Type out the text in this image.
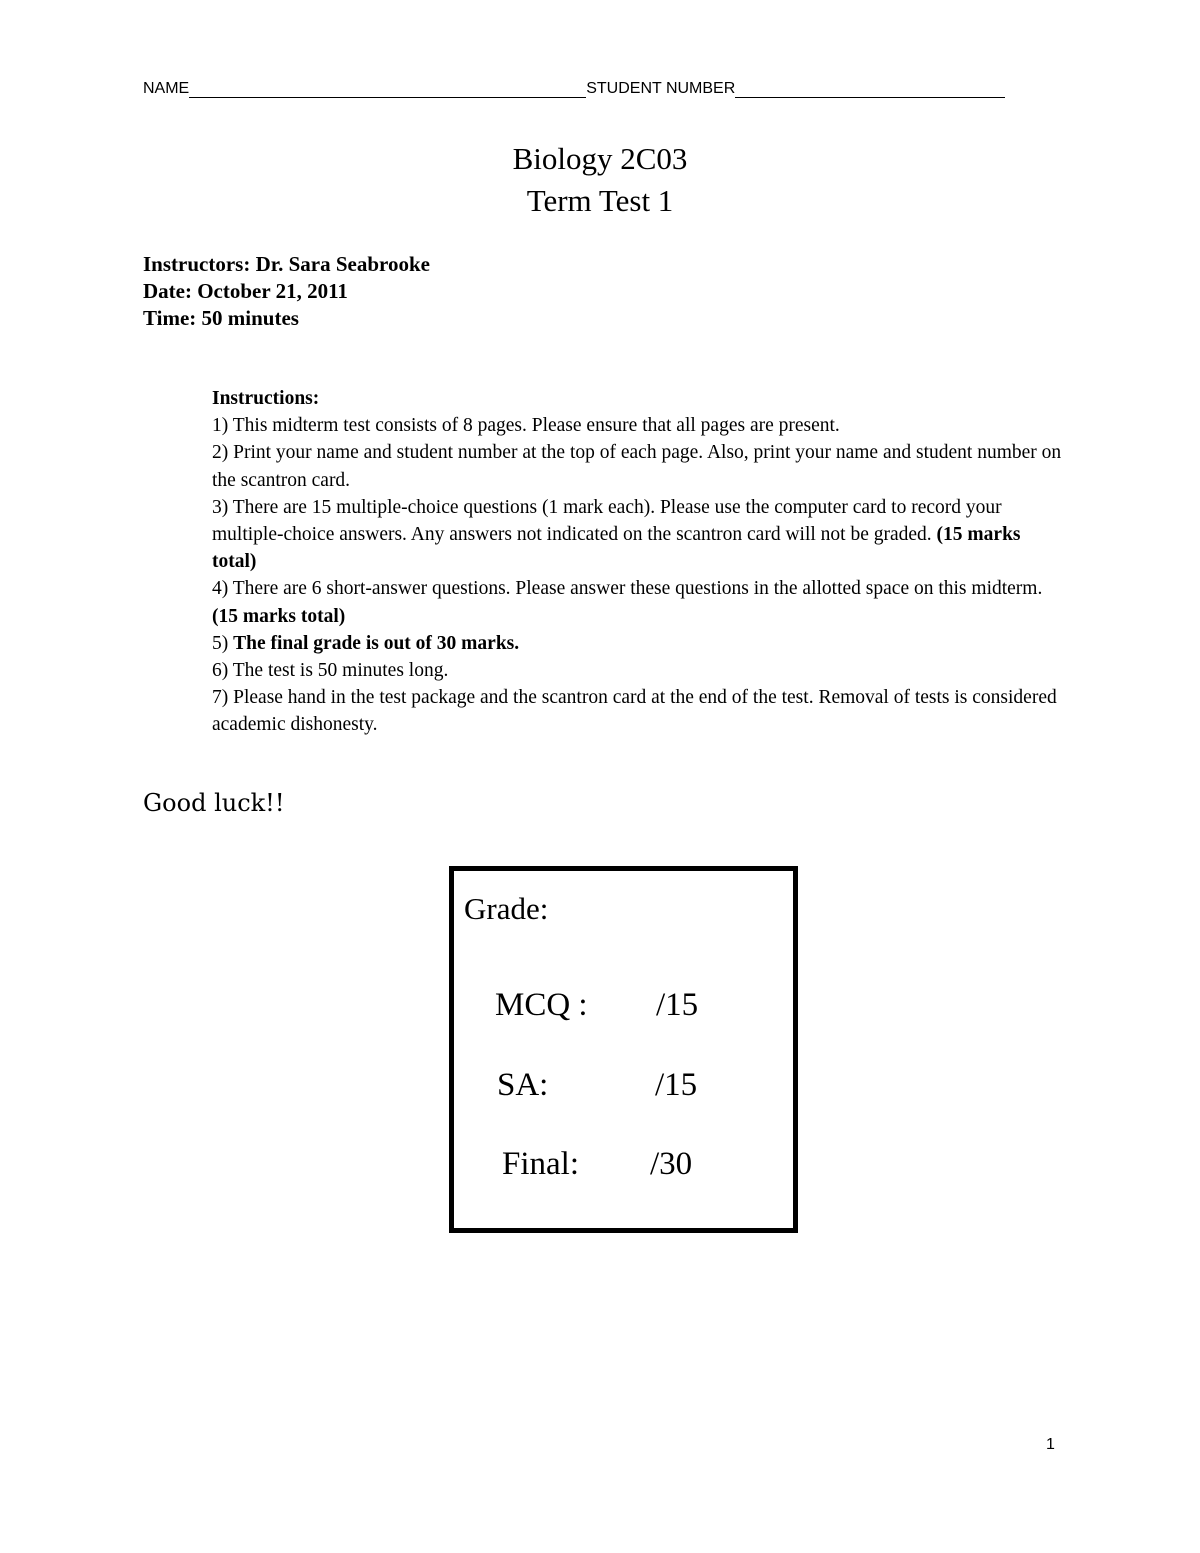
NAME	STUDENT NUMBER
Biology 2C03
Term Test 1
Instructors: Dr. Sara Seabrooke
Date: October 21, 2011
Time: 50 minutes
Instructions:
1) This midterm test consists of 8 pages. Please ensure that all pages are present.
2) Print your name and student number at the top of each page. Also, print your name and student number on the scantron card.
3) There are 15 multiple-choice questions (1 mark each). Please use the computer card to record your multiple-choice answers. Any answers not indicated on the scantron card will not be graded. (15 marks total)
4) There are 6 short-answer questions. Please answer these questions in the allotted space on this midterm. (15 marks total)
5) The final grade is out of 30 marks.
6) The test is 50 minutes long.
7) Please hand in the test package and the scantron card at the end of the test. Removal of tests is considered academic dishonesty.
Good luck!!
Grade:
MCQ : /15
SA:	/15
Final: /30
1
